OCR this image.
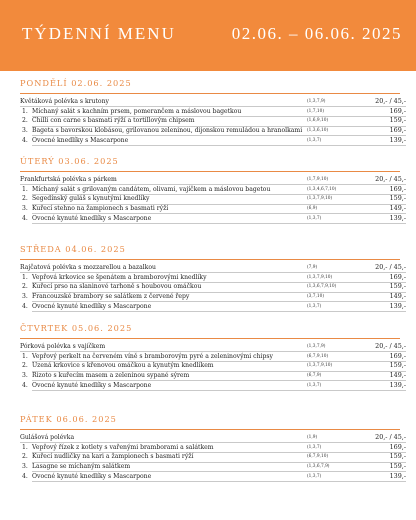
TÝDENNÍ MENU	02.06. – 06.06. 2025
PONDĚLÍ 02.06. 2025
Květáková polévka s krutony	(1,3,7,9)	20,- / 45,-
1. Míchaný salát s kachním prsem, pomerančem a máslovou bagetkou	(1,7,10)	169,-
2. Chilli con carne s basmati rýží a tortillovým chipsem	(1,6,9,10)	159,-
3. Bageta s bavorskou klobásou, grilovanou zeleninou, dijonskou remuládou a hranolkami (1,3,6,10)	169,-
4. Ovocné knedlíky s Mascarpone	(1,3,7)	139,-
ÚTERÝ 03.06. 2025
Frankfurtská polévka s párkem	(1,7,9,10)	20,- / 45,-
1. Míchaný salát s grilovaným candátem, olivami, vajíčkem a máslovou bagetou	(1,3,4,6,7,10)	169,-
2. Segedínský guláš s kynutými knedlíky	(1,3,7,9,10)	159,-
3. Kuřecí stehno na žampionech s basmati rýží	(6,9)	149,-
4. Ovocné kynuté knedlíky s Mascarpone	(1,3,7)	139,-
STŘEDA 04.06. 2025
Rajčatová polévka s mozzarellou a bazalkou	(7,9)	20,- / 45,-
1. Vepřová krkovice se špenátem a bramborovými knedlíky	(1,3,7,9,10)	169,-
2. Kuřecí prso na slaninové tarhoně s houbovou omáčkou	(1,3,6,7,9,10)	159,-
3. Francouzské brambory se salátkem z červené řepy	(3,7,10)	149,-
4. Ovocné kynuté knedlíky s Mascarpone	(1,3,7)	139,-
ČTVRTEK 05.06. 2025
Pórková polévka s vajíčkem	(1,3,7,9)	20,- / 45,-
1. Vepřový perkelt na červeném víně s bramborovým pyré a zeleninovými chipsy	(6,7,9,10)	169,-
2. Uzená krkovice s křenovou omáčkou a kynutým knedlíkem	(1,3,7,9,10)	159,-
3. Rizoto s kuřecím masem a zeleninou sypané sýrem	(6,7,9)	149,-
4. Ovocné kynuté knedlíky s Mascarpone	(1,3,7)	139,-
PÁTEK 06.06. 2025
Gulášová polévka	(1,9)	20,- / 45,-
1. Vepřový řízek z kotlety s vařenými bramborami a salátkem	(1,3,7)	169,-
2. Kuřecí nudličky na kari a žampionech s basmati rýží	(6,7,9,10)	159,-
3. Lasagne se míchaným salátkem	(1,3,6,7,9)	159,-
4. Ovocné kynuté knedlíky s Mascarpone	(1,3,7)	139,-
